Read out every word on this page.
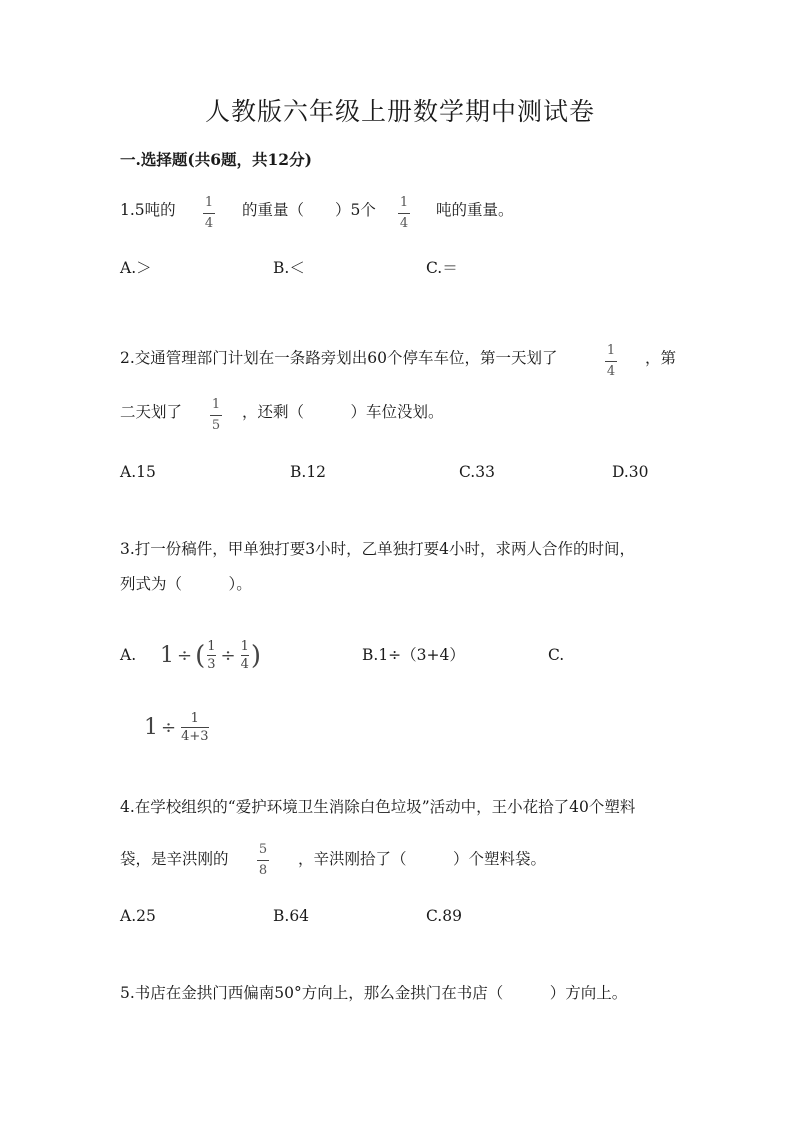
人教版六年级上册数学期中测试卷
一.选择题(共6题，共12分)
1.5吨的 1
4
的重量（　　）5个 1
4
吨的重量。
A.＞	B.＜	C.＝
2.交通管理部门计划在一条路旁划出60个停车车位，第一天划了	1
4
，第
二天划了 1
5
，还剩（　　　）车位没划。
A.15	B.12	C.33	D.30
3.打一份稿件，甲单独打要3小时，乙单独打要4小时，求两人合作的时间，
列式为（　　　）。
A. 1 ÷ ( 1
3 ÷ 1
4 )	B.1÷（3+4）	C.
1 ÷ 1
4+3
4.在学校组织的“爱护环境卫生消除白色垃圾”活动中，王小花拾了40个塑料
袋，是辛洪刚的
5
8
，辛洪刚拾了（　　　）个塑料袋。
A.25	B.64	C.89
5.书店在金拱门西偏南50°方向上，那么金拱门在书店（　　　）方向上。
